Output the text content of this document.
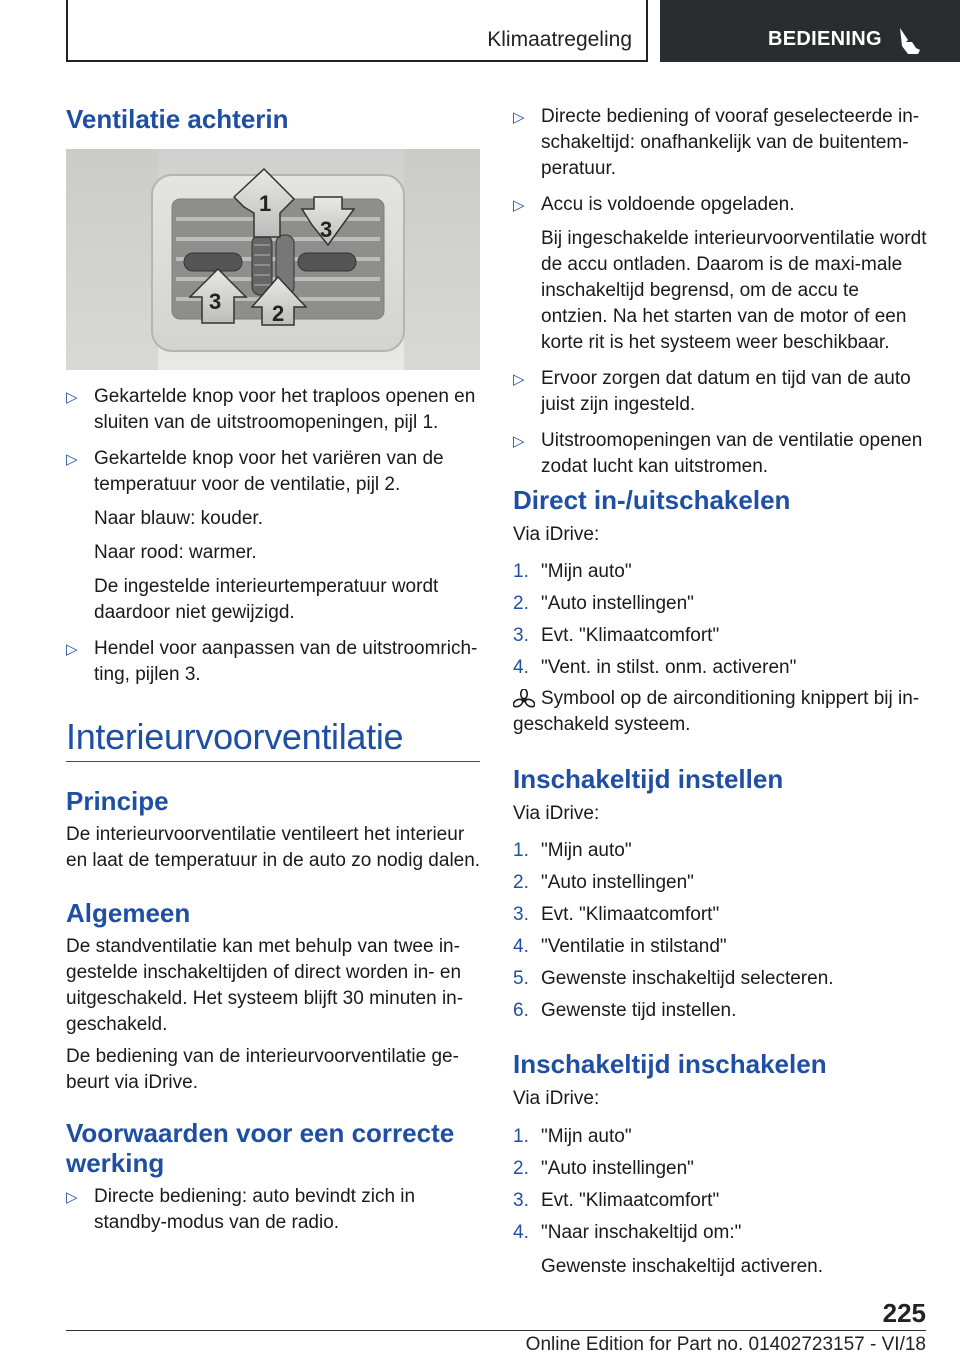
Klimaatregeling	BEDIENING
Ventilatie achterin
1
3
3 2
▷ Gekartelde knop voor het traploos openen en sluiten van de uitstroomopeningen, pijl 1.
▷ Gekartelde knop voor het variëren van de temperatuur voor de ventilatie, pijl 2.
Naar blauw: kouder.
Naar rood: warmer.
De ingestelde interieurtemperatuur wordt daardoor niet gewijzigd.
▷ Hendel voor aanpassen van de uitstroomrich-ting, pijlen 3.
Interieurvoorventilatie
Principe
De interieurvoorventilatie ventileert het interieur en laat de temperatuur in de auto zo nodig dalen.
Algemeen
De standventilatie kan met behulp van twee in-gestelde inschakeltijden of direct worden in- en uitgeschakeld. Het systeem blijft 30 minuten in-geschakeld.
De bediening van de interieurvoorventilatie ge-beurt via iDrive.
Voorwaarden voor een correcte werking
▷ Directe bediening: auto bevindt zich in standby-modus van de radio.
▷ Directe bediening of vooraf geselecteerde in-schakeltijd: onafhankelijk van de buitentem-peratuur.
▷ Accu is voldoende opgeladen.
Bij ingeschakelde interieurvoorventilatie wordt de accu ontladen. Daarom is de maxi-male inschakeltijd begrensd, om de accu te ontzien. Na het starten van de motor of een korte rit is het systeem weer beschikbaar.
▷ Ervoor zorgen dat datum en tijd van de auto juist zijn ingesteld.
▷ Uitstroomopeningen van de ventilatie openen zodat lucht kan uitstromen.
Direct in-/uitschakelen
Via iDrive:
1. "Mijn auto"
2. "Auto instellingen"
3. Evt. "Klimaatcomfort"
4. "Vent. in stilst. onm. activeren"
Symbool op de airconditioning knippert bij in-geschakeld systeem.
Inschakeltijd instellen
Via iDrive:
1. "Mijn auto"
2. "Auto instellingen"
3. Evt. "Klimaatcomfort"
4. "Ventilatie in stilstand"
5. Gewenste inschakeltijd selecteren.
6. Gewenste tijd instellen.
Inschakeltijd inschakelen
Via iDrive:
1. "Mijn auto"
2. "Auto instellingen"
3. Evt. "Klimaatcomfort"
4. "Naar inschakeltijd om:"
Gewenste inschakeltijd activeren.
225
Online Edition for Part no. 01402723157 - VI/18
